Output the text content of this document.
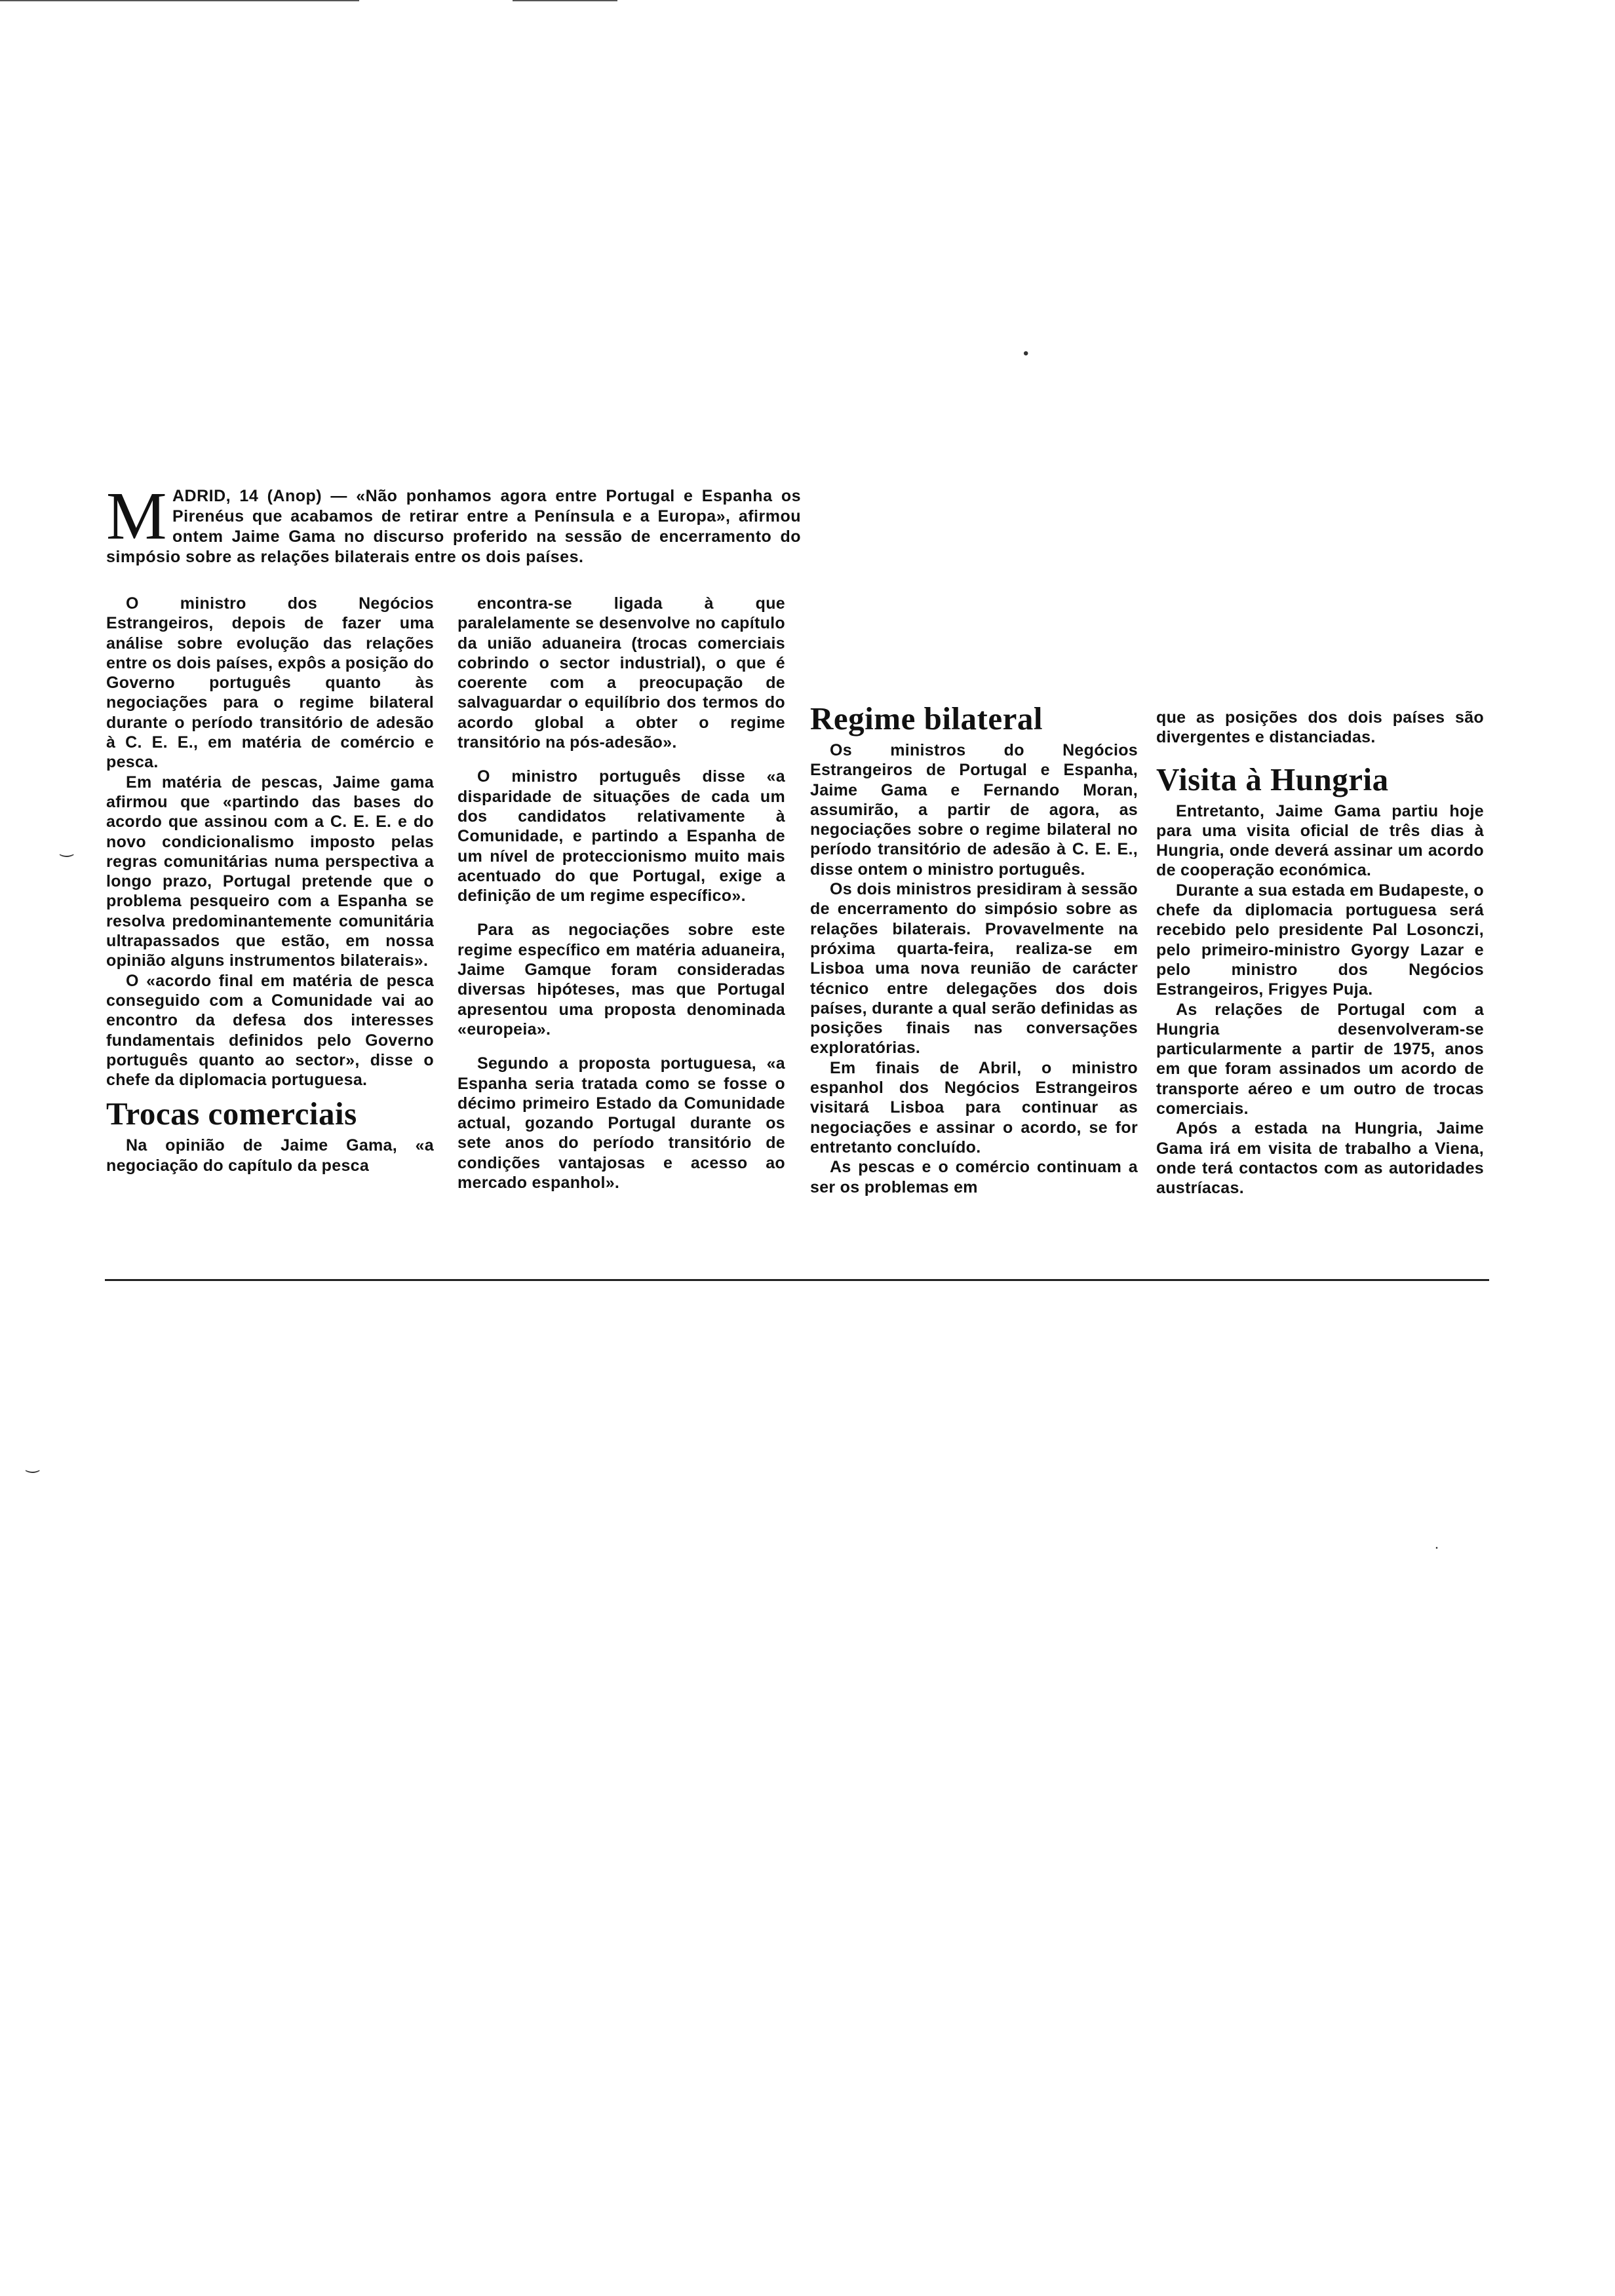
•
‿
‿
·
M ADRID, 14 (Anop) — «Não ponhamos agora entre Portugal e Espanha os Pirenéus que acabamos de retirar entre a Península e a Europa», afirmou ontem Jaime Gama no discurso proferido na sessão de encerramento do simpósio sobre as relações bilaterais entre os dois países.

O ministro dos Negócios Estrangeiros, depois de fazer uma análise sobre evolução das relações entre os dois países, expôs a posição do Governo português quanto às negociações para o regime bilateral durante o período transitório de adesão à C. E. E., em matéria de comércio e pesca.

Em matéria de pescas, Jaime gama afirmou que «partindo das bases do acordo que assinou com a C. E. E. e do novo condicionalismo imposto pelas regras comunitárias numa perspectiva a longo prazo, Portugal pretende que o problema pesqueiro com a Espanha se resolva predominantemente comunitária ultrapassados que estão, em nossa opinião alguns instrumentos bilaterais».

O «acordo final em matéria de pesca conseguido com a Comunidade vai ao encontro da defesa dos interesses fundamentais definidos pelo Governo português quanto ao sector», disse o chefe da diplomacia portuguesa.

Trocas comerciais

Na opinião de Jaime Gama, «a negociação do capítulo da pesca

encontra-se ligada à que paralelamente se desenvolve no capítulo da união aduaneira (trocas comerciais cobrindo o sector industrial), o que é coerente com a preocupação de salvaguardar o equilíbrio dos termos do acordo global a obter o regime transitório na pós-adesão».

O ministro português disse «a disparidade de situações de cada um dos candidatos relativamente à Comunidade, e partindo a Espanha de um nível de proteccionismo muito mais acentuado do que Portugal, exige a definição de um regime específico».

Para as negociações sobre este regime específico em matéria aduaneira, Jaime Gamque foram consideradas diversas hipóteses, mas que Portugal apresentou uma proposta denominada «europeia».

Segundo a proposta portuguesa, «a Espanha seria tratada como se fosse o décimo primeiro Estado da Comunidade actual, gozando Portugal durante os sete anos do período transitório de condições vantajosas e acesso ao mercado espanhol».

Regime bilateral

Os ministros do Negócios Estrangeiros de Portugal e Espanha, Jaime Gama e Fernando Moran, assumirão, a partir de agora, as negociações sobre o regime bilateral no período transitório de adesão à C. E. E., disse ontem o ministro português.

Os dois ministros presidiram à sessão de encerramento do simpósio sobre as relações bilaterais. Provavelmente na próxima quarta-feira, realiza-se em Lisboa uma nova reunião de carácter técnico entre delegações dos dois países, durante a qual serão definidas as posições finais nas conversações exploratórias.

Em finais de Abril, o ministro espanhol dos Negócios Estrangeiros visitará Lisboa para continuar as negociações e assinar o acordo, se for entretanto concluído.

As pescas e o comércio continuam a ser os problemas em

que as posições dos dois países são divergentes e distanciadas.

Visita à Hungria

Entretanto, Jaime Gama partiu hoje para uma visita oficial de três dias à Hungria, onde deverá assinar um acordo de cooperação económica.

Durante a sua estada em Budapeste, o chefe da diplomacia portuguesa será recebido pelo presidente Pal Losonczi, pelo primeiro-ministro Gyorgy Lazar e pelo ministro dos Negócios Estrangeiros, Frigyes Puja.

As relações de Portugal com a Hungria desenvolveram-se particularmente a partir de 1975, anos em que foram assinados um acordo de transporte aéreo e um outro de trocas comerciais.

Após a estada na Hungria, Jaime Gama irá em visita de trabalho a Viena, onde terá contactos com as autoridades austríacas.
